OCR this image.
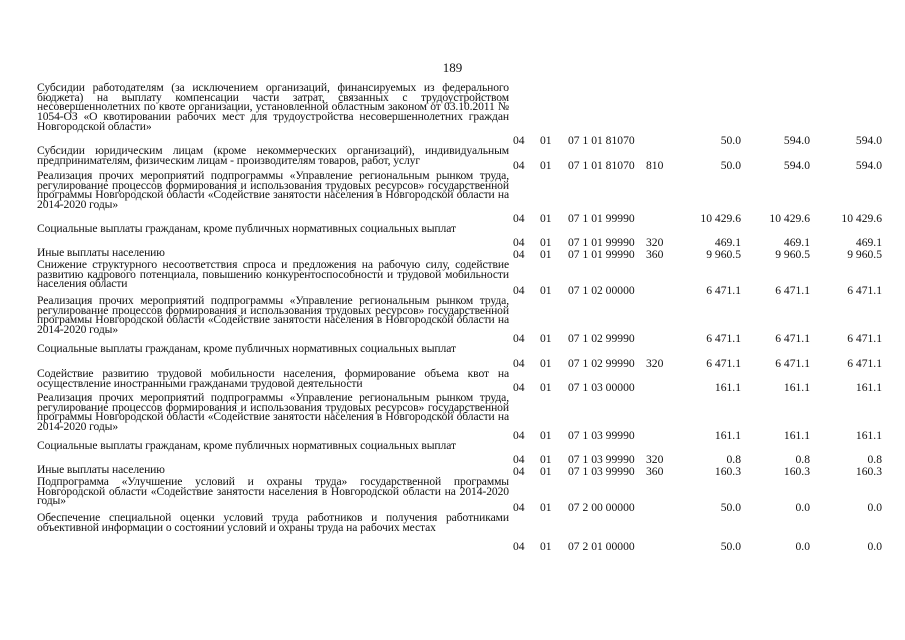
189
Субсидии работодателям (за исключением организаций, финансируемых из федерального бюджета) на выплату компенсации части затрат, связанных с трудоустройством несовершеннолетних по квоте организации, установленной областным законом от 03.10.2011 № 1054-ОЗ «О квотировании рабочих мест для трудоустройства несовершеннолетних граждан Новгородской области»
04 01 07 1 01 81070	50.0	594.0	594.0
Субсидии юридическим лицам (кроме некоммерческих организаций), индивидуальным предпринимателям, физическим лицам - производителям товаров, работ, услуг	04 01 07 1 01 81070 810	50.0	594.0	594.0
Реализация прочих мероприятий подпрограммы «Управление региональным рынком труда, регулирование процессов формирования и использования трудовых ресурсов» государственной программы Новгородской области «Содействие занятости населения в Новгородской области на 2014-2020 годы»
04 01 07 1 01 99990	10 429.6	10 429.6	10 429.6
Социальные выплаты гражданам, кроме публичных нормативных социальных выплат
04 01 07 1 01 99990 320	469.1	469.1	469.1
Иные выплаты населению	04 01 07 1 01 99990 360	9 960.5	9 960.5	9 960.5
Снижение структурного несоответствия спроса и предложения на рабочую силу, содействие развитию кадрового потенциала, повышению конкурентоспособности и трудовой мобильности населения области
04 01 07 1 02 00000	6 471.1	6 471.1	6 471.1
Реализация прочих мероприятий подпрограммы «Управление региональным рынком труда, регулирование процессов формирования и использования трудовых ресурсов» государственной программы Новгородской области «Содействие занятости населения в Новгородской области на 2014-2020 годы»
04 01 07 1 02 99990	6 471.1	6 471.1	6 471.1
Социальные выплаты гражданам, кроме публичных нормативных социальных выплат
04 01 07 1 02 99990 320	6 471.1	6 471.1	6 471.1
Содействие развитию трудовой мобильности населения, формирование объема квот на осуществление иностранными гражданами трудовой деятельности	04 01 07 1 03 00000	161.1	161.1	161.1
Реализация прочих мероприятий подпрограммы «Управление региональным рынком труда, регулирование процессов формирования и использования трудовых ресурсов» государственной программы Новгородской области «Содействие занятости населения в Новгородской области на 2014-2020 годы»
04 01 07 1 03 99990	161.1	161.1	161.1
Социальные выплаты гражданам, кроме публичных нормативных социальных выплат
04 01 07 1 03 99990 320	0.8	0.8	0.8
Иные выплаты населению	04 01 07 1 03 99990 360	160.3	160.3	160.3
Подпрограмма «Улучшение условий и охраны труда» государственной программы Новгородской области «Содействие занятости населения в Новгородской области на 2014-2020 годы»
04 01 07 2 00 00000	50.0	0.0	0.0
Обеспечение специальной оценки условий труда работников и получения работниками объективной информации о состоянии условий и охраны труда на рабочих местах
04 01 07 2 01 00000	50.0	0.0	0.0
